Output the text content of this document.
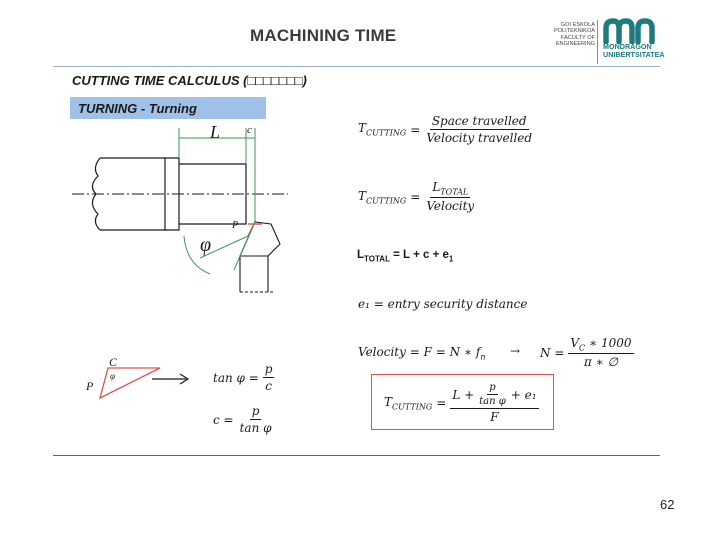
MACHINING TIME
GOI ESKOLA
POLITEKNIKOA
FACULTY OF
ENGINEERING MONDRAGON
UNIBERTSITATEA
CUTTING TIME CALCULUS (□□□□□□□)
TURNING - Turning
L c
P
φ
C
P
φ	$\tan \varphi = \frac{p}{c}$
$c = \frac{p}{\text{tan φ}}$
$T_{CUTTING} = \frac{\text{Space travelled}}{\text{Velocity travelled}}$
$T_{CUTTING} = \frac{L_{TOTAL}}{\text{Velocity}}$
$L_{TOTAL} = L + c + e_1$
e₁ = entry security distance
Velocity = F = N ∗ $f_n \to N = \frac{V_C ∗ 1000}{\pi ∗ \emptyset}$
$T_{CUTTING} = \frac{L + \frac{p}{\text{tan φ}} + e_1}{F}$
62
